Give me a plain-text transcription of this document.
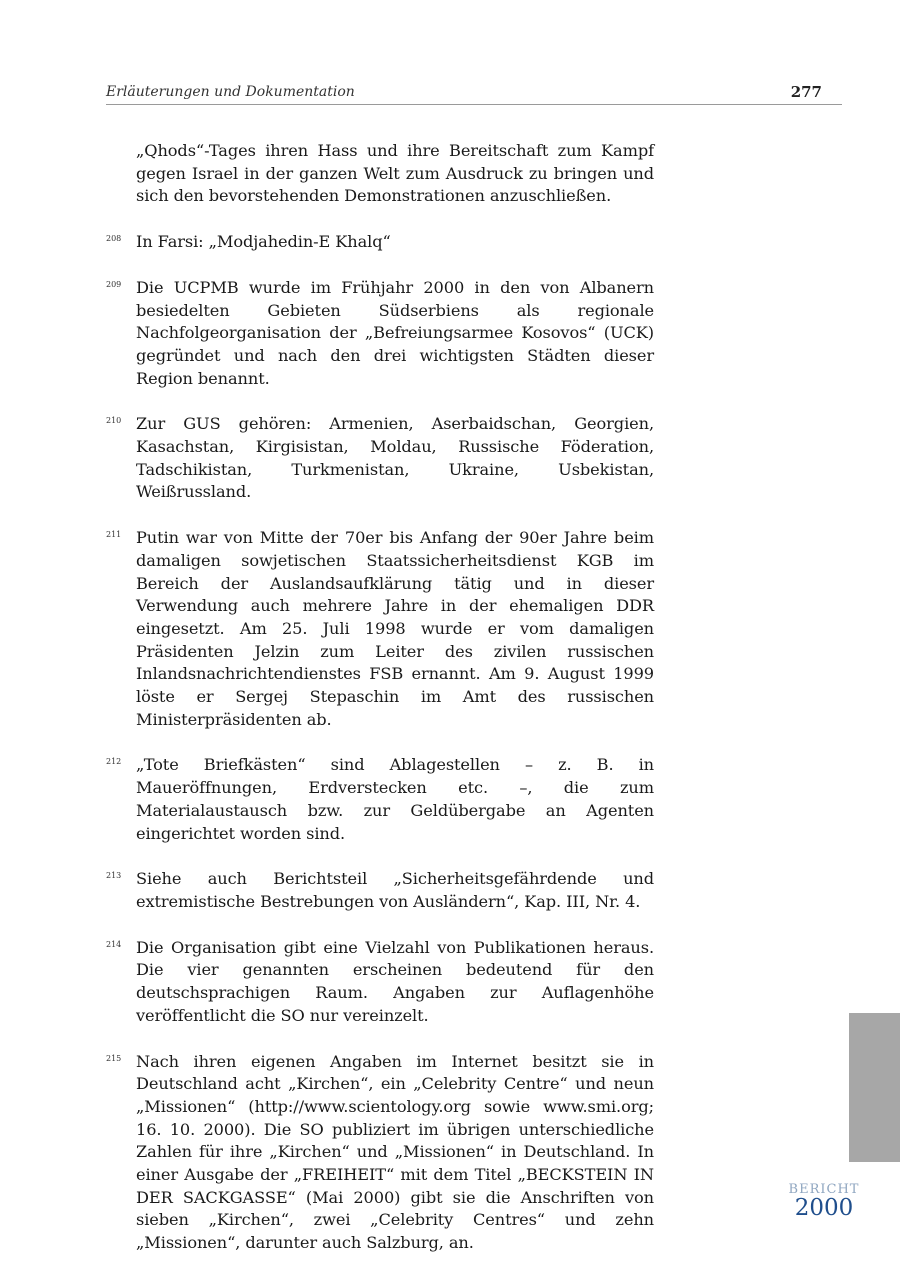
Erläuterungen und Dokumentation	277

„Qhods“-Tages ihren Hass und ihre Bereitschaft zum Kampf gegen Israel in der ganzen Welt zum Ausdruck zu bringen und sich den bevorstehenden Demonstrationen anzuschließen.

208 In Farsi: „Modjahedin-E Khalq“

209 Die UCPMB wurde im Frühjahr 2000 in den von Albanern besiedelten Gebieten Südserbiens als regionale Nachfolgeorganisation der „Befreiungsarmee Kosovos“ (UCK) gegründet und nach den drei wichtigsten Städten dieser Region benannt.

210 Zur GUS gehören: Armenien, Aserbaidschan, Georgien, Kasachstan, Kirgisistan, Moldau, Russische Föderation, Tadschikistan, Turkmenistan, Ukraine, Usbekistan, Weißrussland.

211 Putin war von Mitte der 70er bis Anfang der 90er Jahre beim damaligen sowjetischen Staatssicherheitsdienst KGB im Bereich der Auslandsaufklärung tätig und in dieser Verwendung auch mehrere Jahre in der ehemaligen DDR eingesetzt. Am 25. Juli 1998 wurde er vom damaligen Präsidenten Jelzin zum Leiter des zivilen russischen Inlandsnachrichtendienstes FSB ernannt. Am 9. August 1999 löste er Sergej Stepaschin im Amt des russischen Ministerpräsidenten ab.

212 „Tote Briefkästen“ sind Ablagestellen – z. B. in Maueröffnungen, Erdverstecken etc. –, die zum Materialaustausch bzw. zur Geldübergabe an Agenten eingerichtet worden sind.

213 Siehe auch Berichtsteil „Sicherheitsgefährdende und extremistische Bestrebungen von Ausländern“, Kap. III, Nr. 4.

214 Die Organisation gibt eine Vielzahl von Publikationen heraus. Die vier genannten erscheinen bedeutend für den deutschsprachigen Raum. Angaben zur Auflagenhöhe veröffentlicht die SO nur vereinzelt.

215 Nach ihren eigenen Angaben im Internet besitzt sie in Deutschland acht „Kirchen“, ein „Celebrity Centre“ und neun „Missionen“ (http://www.scientology.org sowie www.smi.org; 16. 10. 2000). Die SO publiziert im übrigen unterschiedliche Zahlen für ihre „Kirchen“ und „Missionen“ in Deutschland. In einer Ausgabe der „FREIHEIT“ mit dem Titel „BECKSTEIN IN DER SACKGASSE“ (Mai 2000) gibt sie die Anschriften von sieben „Kirchen“, zwei „Celebrity Centres“ und zehn „Missionen“, darunter auch Salzburg, an.

BERICHT
2000
